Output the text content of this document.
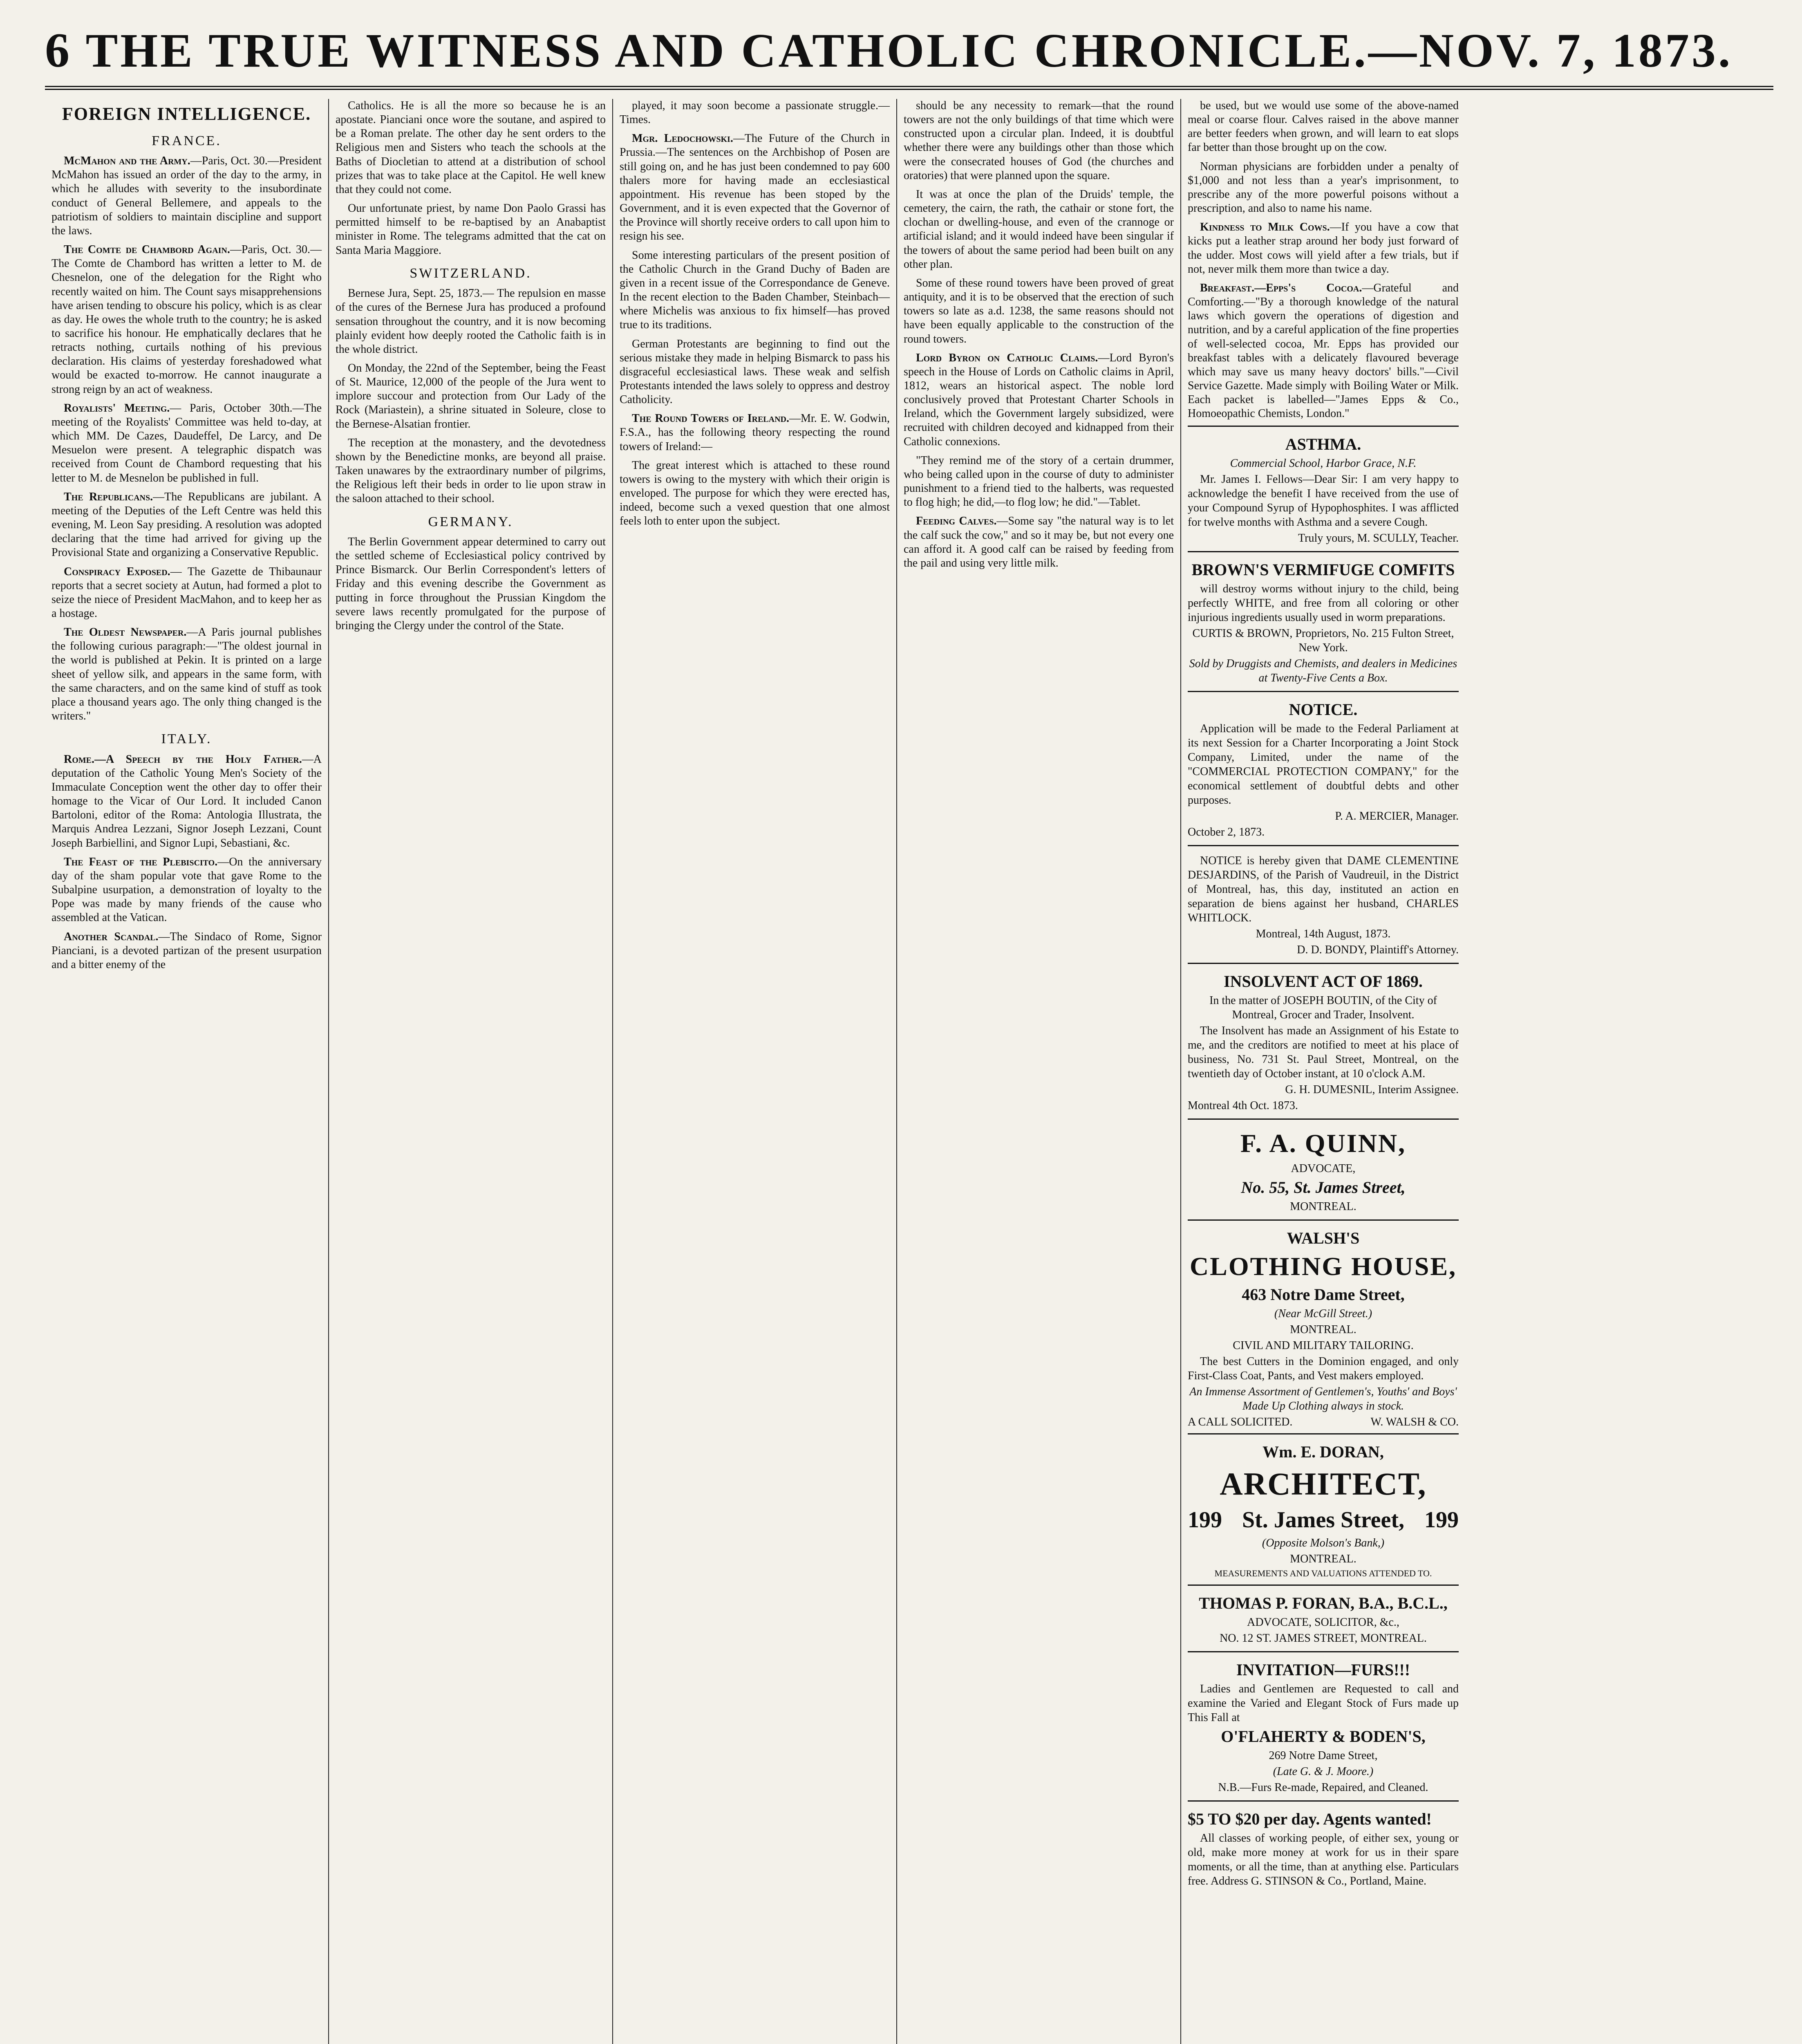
6 THE TRUE WITNESS AND CATHOLIC CHRONICLE.—NOV. 7, 1873.
FOREIGN INTELLIGENCE.
FRANCE.

McMahon and the Army.—Paris, Oct. 30.—President McMahon has issued an order of the day to the army, in which he alludes with severity to the insubordinate conduct of General Bellemere, and appeals to the patriotism of soldiers to maintain discipline and support the laws.

The Comte de Chambord Again.—Paris, Oct. 30.—The Comte de Chambord has written a letter to M. de Chesnelon, one of the delegation for the Right who recently waited on him. The Count says misapprehensions have arisen tending to obscure his policy, which is as clear as day. He owes the whole truth to the country; he is asked to sacrifice his honour. He emphatically declares that he retracts nothing, curtails nothing of his previous declaration. His claims of yesterday foreshadowed what would be exacted to-morrow. He cannot inaugurate a strong reign by an act of weakness.

Royalists' Meeting.— Paris, October 30th.—The meeting of the Royalists' Committee was held to-day, at which MM. De Cazes, Daudeffel, De Larcy, and De Mesuelon were present. A telegraphic dispatch was received from Count de Chambord requesting that his letter to M. de Mesnelon be published in full.

The Republicans.—The Republicans are jubilant. A meeting of the Deputies of the Left Centre was held this evening, M. Leon Say presiding. A resolution was adopted declaring that the time had arrived for giving up the Provisional State and organizing a Conservative Republic.

Conspiracy Exposed.— The Gazette de Thibaunaur reports that a secret society at Autun, had formed a plot to seize the niece of President MacMahon, and to keep her as a hostage.

The Oldest Newspaper.—A Paris journal publishes the following curious paragraph:—"The oldest journal in the world is published at Pekin. It is printed on a large sheet of yellow silk, and appears in the same form, with the same characters, and on the same kind of stuff as took place a thousand years ago. The only thing changed is the writers."

ITALY.

Rome.—A Speech by the Holy Father.—A deputation of the Catholic Young Men's Society of the Immaculate Conception went the other day to offer their homage to the Vicar of Our Lord. It included Canon Bartoloni, editor of the Roma: Antologia Illustrata, the Marquis Andrea Lezzani, Signor Joseph Lezzani, Count Joseph Barbiellini, and Signor Lupi, Sebastiani, &c.

The Feast of the Plebiscito.—On the anniversary day of the sham popular vote that gave Rome to the Subalpine usurpation, a demonstration of loyalty to the Pope was made by many friends of the cause who assembled at the Vatican.

Another Scandal.—The Sindaco of Rome, Signor Pianciani, is a devoted partizan of the present usurpation and a bitter enemy of the

Catholics. He is all the more so because he is an apostate. Pianciani once wore the soutane, and aspired to be a Roman prelate. The other day he sent orders to the Religious men and Sisters who teach the schools at the Baths of Diocletian to attend at a distribution of school prizes that was to take place at the Capitol. He well knew that they could not come.

Our unfortunate priest, by name Don Paolo Grassi has permitted himself to be re-baptised by an Anabaptist minister in Rome. The telegrams admitted that the cat on Santa Maria Maggiore.

SWITZERLAND.

Bernese Jura, Sept. 25, 1873.— The repulsion en masse of the cures of the Bernese Jura has produced a profound sensation throughout the country, and it is now becoming plainly evident how deeply rooted the Catholic faith is in the whole district.

On Monday, the 22nd of the September, being the Feast of St. Maurice, 12,000 of the people of the Jura went to implore succour and protection from Our Lady of the Rock (Mariastein), a shrine situated in Soleure, close to the Bernese-Alsatian frontier.

The reception at the monastery, and the devotedness shown by the Benedictine monks, are beyond all praise. Taken unawares by the extraordinary number of pilgrims, the Religious left their beds in order to lie upon straw in the saloon attached to their school.

GERMANY.

The Berlin Government appear determined to carry out the settled scheme of Ecclesiastical policy contrived by Prince Bismarck. Our Berlin Correspondent's letters of Friday and this evening describe the Government as putting in force throughout the Prussian Kingdom the severe laws recently promulgated for the purpose of bringing the Clergy under the control of the State.

played, it may soon become a passionate struggle.—Times.

Mgr. Ledochowski.—The Future of the Church in Prussia.—The sentences on the Archbishop of Posen are still going on, and he has just been condemned to pay 600 thalers more for having made an ecclesiastical appointment. His revenue has been stoped by the Government, and it is even expected that the Governor of the Province will shortly receive orders to call upon him to resign his see.

Some interesting particulars of the present position of the Catholic Church in the Grand Duchy of Baden are given in a recent issue of the Correspondance de Geneve. In the recent election to the Baden Chamber, Steinbach—where Michelis was anxious to fix himself—has proved true to its traditions.

German Protestants are beginning to find out the serious mistake they made in helping Bismarck to pass his disgraceful ecclesiastical laws. These weak and selfish Protestants intended the laws solely to oppress and destroy Catholicity.

The Round Towers of Ireland.—Mr. E. W. Godwin, F.S.A., has the following theory respecting the round towers of Ireland:—

The great interest which is attached to these round towers is owing to the mystery with which their origin is enveloped. The purpose for which they were erected has, indeed, become such a vexed question that one almost feels loth to enter upon the subject.

should be any necessity to remark—that the round towers are not the only buildings of that time which were constructed upon a circular plan. Indeed, it is doubtful whether there were any buildings other than those which were the consecrated houses of God (the churches and oratories) that were planned upon the square.

It was at once the plan of the Druids' temple, the cemetery, the cairn, the rath, the cathair or stone fort, the clochan or dwelling-house, and even of the crannoge or artificial island; and it would indeed have been singular if the towers of about the same period had been built on any other plan.

Some of these round towers have been proved of great antiquity, and it is to be observed that the erection of such towers so late as a.d. 1238, the same reasons should not have been equally applicable to the construction of the round towers.

Lord Byron on Catholic Claims.—Lord Byron's speech in the House of Lords on Catholic claims in April, 1812, wears an historical aspect. The noble lord conclusively proved that Protestant Charter Schools in Ireland, which the Government largely subsidized, were recruited with children decoyed and kidnapped from their Catholic connexions.

"They remind me of the story of a certain drummer, who being called upon in the course of duty to administer punishment to a friend tied to the halberts, was requested to flog high; he did,—to flog low; he did."—Tablet.

Feeding Calves.—Some say "the natural way is to let the calf suck the cow," and so it may be, but not every one can afford it. A good calf can be raised by feeding from the pail and using very little milk.

be used, but we would use some of the above-named meal or coarse flour. Calves raised in the above manner are better feeders when grown, and will learn to eat slops far better than those brought up on the cow.

Norman physicians are forbidden under a penalty of $1,000 and not less than a year's imprisonment, to prescribe any of the more powerful poisons without a prescription, and also to name his name.

Kindness to Milk Cows.—If you have a cow that kicks put a leather strap around her body just forward of the udder. Most cows will yield after a few trials, but if not, never milk them more than twice a day.

Breakfast.—Epps's Cocoa.—Grateful and Comforting.—"By a thorough knowledge of the natural laws which govern the operations of digestion and nutrition, and by a careful application of the fine properties of well-selected cocoa, Mr. Epps has provided our breakfast tables with a delicately flavoured beverage which may save us many heavy doctors' bills."—Civil Service Gazette. Made simply with Boiling Water or Milk. Each packet is labelled—"James Epps & Co., Homoeopathic Chemists, London."

ASTHMA.

Commercial School, Harbor Grace, N.F.

Mr. James I. Fellows—Dear Sir: I am very happy to acknowledge the benefit I have received from the use of your Compound Syrup of Hypophosphites. I was afflicted for twelve months with Asthma and a severe Cough.

Truly yours, M. SCULLY, Teacher.

BROWN'S VERMIFUGE COMFITS

will destroy worms without injury to the child, being perfectly WHITE, and free from all coloring or other injurious ingredients usually used in worm preparations.

CURTIS & BROWN, Proprietors, No. 215 Fulton Street, New York.

Sold by Druggists and Chemists, and dealers in Medicines at Twenty-Five Cents a Box.

NOTICE.

Application will be made to the Federal Parliament at its next Session for a Charter Incorporating a Joint Stock Company, Limited, under the name of the "COMMERCIAL PROTECTION COMPANY," for the economical settlement of doubtful debts and other purposes.

P. A. MERCIER, Manager.

October 2, 1873.

NOTICE is hereby given that DAME CLEMENTINE DESJARDINS, of the Parish of Vaudreuil, in the District of Montreal, has, this day, instituted an action en separation de biens against her husband, CHARLES WHITLOCK.

Montreal, 14th August, 1873.

D. D. BONDY, Plaintiff's Attorney.

INSOLVENT ACT OF 1869.

In the matter of JOSEPH BOUTIN, of the City of Montreal, Grocer and Trader, Insolvent.

The Insolvent has made an Assignment of his Estate to me, and the creditors are notified to meet at his place of business, No. 731 St. Paul Street, Montreal, on the twentieth day of October instant, at 10 o'clock A.M.

G. H. DUMESNIL, Interim Assignee.

Montreal 4th Oct. 1873.

F. A. QUINN,

ADVOCATE,

No. 55, St. James Street,

MONTREAL.

WALSH'S

CLOTHING HOUSE,

463 Notre Dame Street,

(Near McGill Street.)

MONTREAL.

CIVIL AND MILITARY TAILORING.

The best Cutters in the Dominion engaged, and only First-Class Coat, Pants, and Vest makers employed.

An Immense Assortment of Gentlemen's, Youths' and Boys' Made Up Clothing always in stock.

A CALL SOLICITED.	W. WALSH & CO.

Wm. E. DORAN,

ARCHITECT,

199 St. James Street, 199

(Opposite Molson's Bank,)

MONTREAL.

MEASUREMENTS AND VALUATIONS ATTENDED TO.

THOMAS P. FORAN, B.A., B.C.L.,

ADVOCATE, SOLICITOR, &c.,

NO. 12 ST. JAMES STREET, MONTREAL.

INVITATION—FURS!!!

Ladies and Gentlemen are Requested to call and examine the Varied and Elegant Stock of Furs made up This Fall at

O'FLAHERTY & BODEN'S,

269 Notre Dame Street,

(Late G. & J. Moore.)

N.B.—Furs Re-made, Repaired, and Cleaned.

$5 TO $20 per day. Agents wanted!

All classes of working people, of either sex, young or old, make more money at work for us in their spare moments, or all the time, than at anything else. Particulars free. Address G. STINSON & Co., Portland, Maine.
